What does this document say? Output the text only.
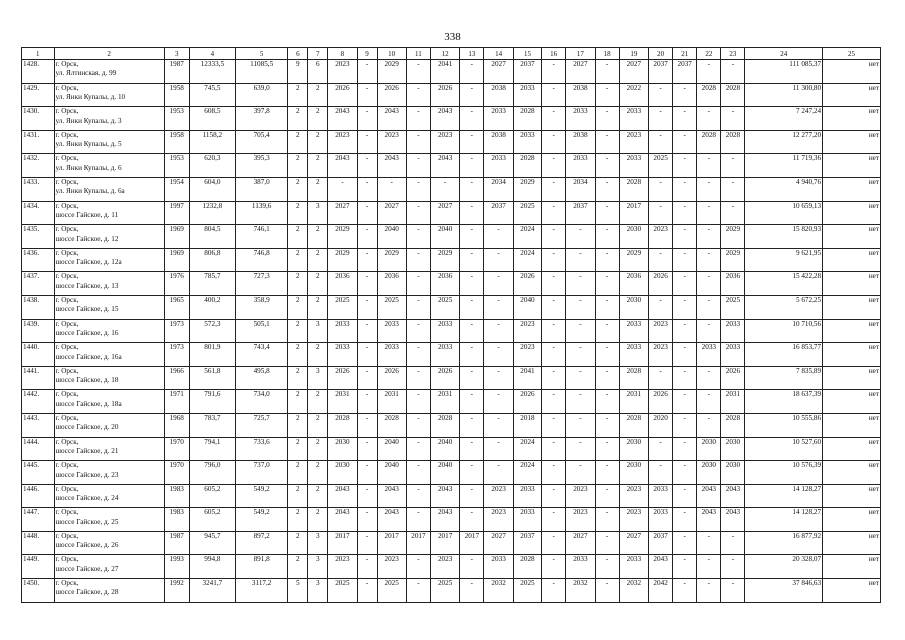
338
1	2	3	4	5	6	7	8	9	10	11	12	13	14	15	16	17	18	19	20	21	22	23	24	25
1428.	г. Орск,
ул. Ялтинская, д. 99	1987	12333,5	11085,5	9	6	2023	-	2029	-	2041	-	2027	2037	-	2027	-	2027	2037	2037	-	-	111 085,37	нет
1429.	г. Орск,
ул. Янки Купалы, д. 10	1958	745,5	639,0	2	2	2026	-	2026	-	2026	-	2038	2033	-	2038	-	2022	-	-	2028	2028	11 300,80	нет
1430.	г. Орск,
ул. Янки Купалы, д. 3	1953	608,5	397,8	2	2	2043	-	2043	-	2043	-	2033	2028	-	2033	-	2033	-	-	-	-	7 247,24	нет
1431.	г. Орск,
ул. Янки Купалы, д. 5	1958	1158,2	705,4	2	2	2023	-	2023	-	2023	-	2038	2033	-	2038	-	2023	-	-	2028	2028	12 277,20	нет
1432.	г. Орск,
ул. Янки Купалы, д. 6	1953	620,3	395,3	2	2	2043	-	2043	-	2043	-	2033	2028	-	2033	-	2033	2025	-	-	-	11 719,36	нет
1433.	г. Орск,
ул. Янки Купалы, д. 6а	1954	604,0	387,0	2	2	-	-	-	-	-	-	2034	2029	-	2034	-	2028	-	-	-	-	4 940,76	нет
1434.	г. Орск,
шоссе Гайское, д. 11	1997	1232,8	1139,6	2	3	2027	-	2027	-	2027	-	2037	2025	-	2037	-	2017	-	-	-	-	10 659,13	нет
1435.	г. Орск,
шоссе Гайское, д. 12	1969	804,5	746,1	2	2	2029	-	2040	-	2040	-	-	2024	-	-	-	2030	2023	-	-	2029	15 820,93	нет
1436.	г. Орск,
шоссе Гайское, д. 12а	1969	806,8	746,8	2	2	2029	-	2029	-	2029	-	-	2024	-	-	-	2029	-	-	-	2029	9 621,95	нет
1437.	г. Орск,
шоссе Гайское, д. 13	1976	785,7	727,3	2	2	2036	-	2036	-	2036	-	-	2026	-	-	-	2036	2026	-	-	2036	15 422,28	нет
1438.	г. Орск,
шоссе Гайское, д. 15	1965	400,2	358,9	2	2	2025	-	2025	-	2025	-	-	2040	-	-	-	2030	-	-	-	2025	5 672,25	нет
1439.	г. Орск,
шоссе Гайское, д. 16	1973	572,3	505,1	2	3	2033	-	2033	-	2033	-	-	2023	-	-	-	2033	2023	-	-	2033	10 710,56	нет
1440.	г. Орск,
шоссе Гайское, д. 16а	1973	801,9	743,4	2	2	2033	-	2033	-	2033	-	-	2023	-	-	-	2033	2023	-	2033	2033	16 853,77	нет
1441.	г. Орск,
шоссе Гайское, д. 18	1966	561,8	495,8	2	3	2026	-	2026	-	2026	-	-	2041	-	-	-	2028	-	-	-	2026	7 835,89	нет
1442.	г. Орск,
шоссе Гайское, д. 18а	1971	791,6	734,0	2	2	2031	-	2031	-	2031	-	-	2026	-	-	-	2031	2026	-	-	2031	18 637,39	нет
1443.	г. Орск,
шоссе Гайское, д. 20	1968	783,7	725,7	2	2	2028	-	2028	-	2028	-	-	2018	-	-	-	2028	2020	-	-	2028	10 555,86	нет
1444.	г. Орск,
шоссе Гайское, д. 21	1970	794,1	733,6	2	2	2030	-	2040	-	2040	-	-	2024	-	-	-	2030	-	-	2030	2030	10 527,60	нет
1445.	г. Орск,
шоссе Гайское, д. 23	1970	796,0	737,0	2	2	2030	-	2040	-	2040	-	-	2024	-	-	-	2030	-	-	2030	2030	10 576,39	нет
1446.	г. Орск,
шоссе Гайское, д. 24	1983	605,2	549,2	2	2	2043	-	2043	-	2043	-	2023	2033	-	2023	-	2023	2033	-	2043	2043	14 128,27	нет
1447.	г. Орск,
шоссе Гайское, д. 25	1983	605,2	549,2	2	2	2043	-	2043	-	2043	-	2023	2033	-	2023	-	2023	2033	-	2043	2043	14 128,27	нет
1448.	г. Орск,
шоссе Гайское, д. 26	1987	945,7	897,2	2	3	2017	-	2017	2017	2017	2017	2027	2037	-	2027	-	2027	2037	-	-	-	16 877,92	нет
1449.	г. Орск,
шоссе Гайское, д. 27	1993	994,8	891,8	2	3	2023	-	2023	-	2023	-	2033	2028	-	2033	-	2033	2043	-	-	-	20 328,07	нет
1450.	г. Орск,
шоссе Гайское, д. 28	1992	3241,7	3117,2	5	3	2025	-	2025	-	2025	-	2032	2025	-	2032	-	2032	2042	-	-	-	37 846,63	нет
